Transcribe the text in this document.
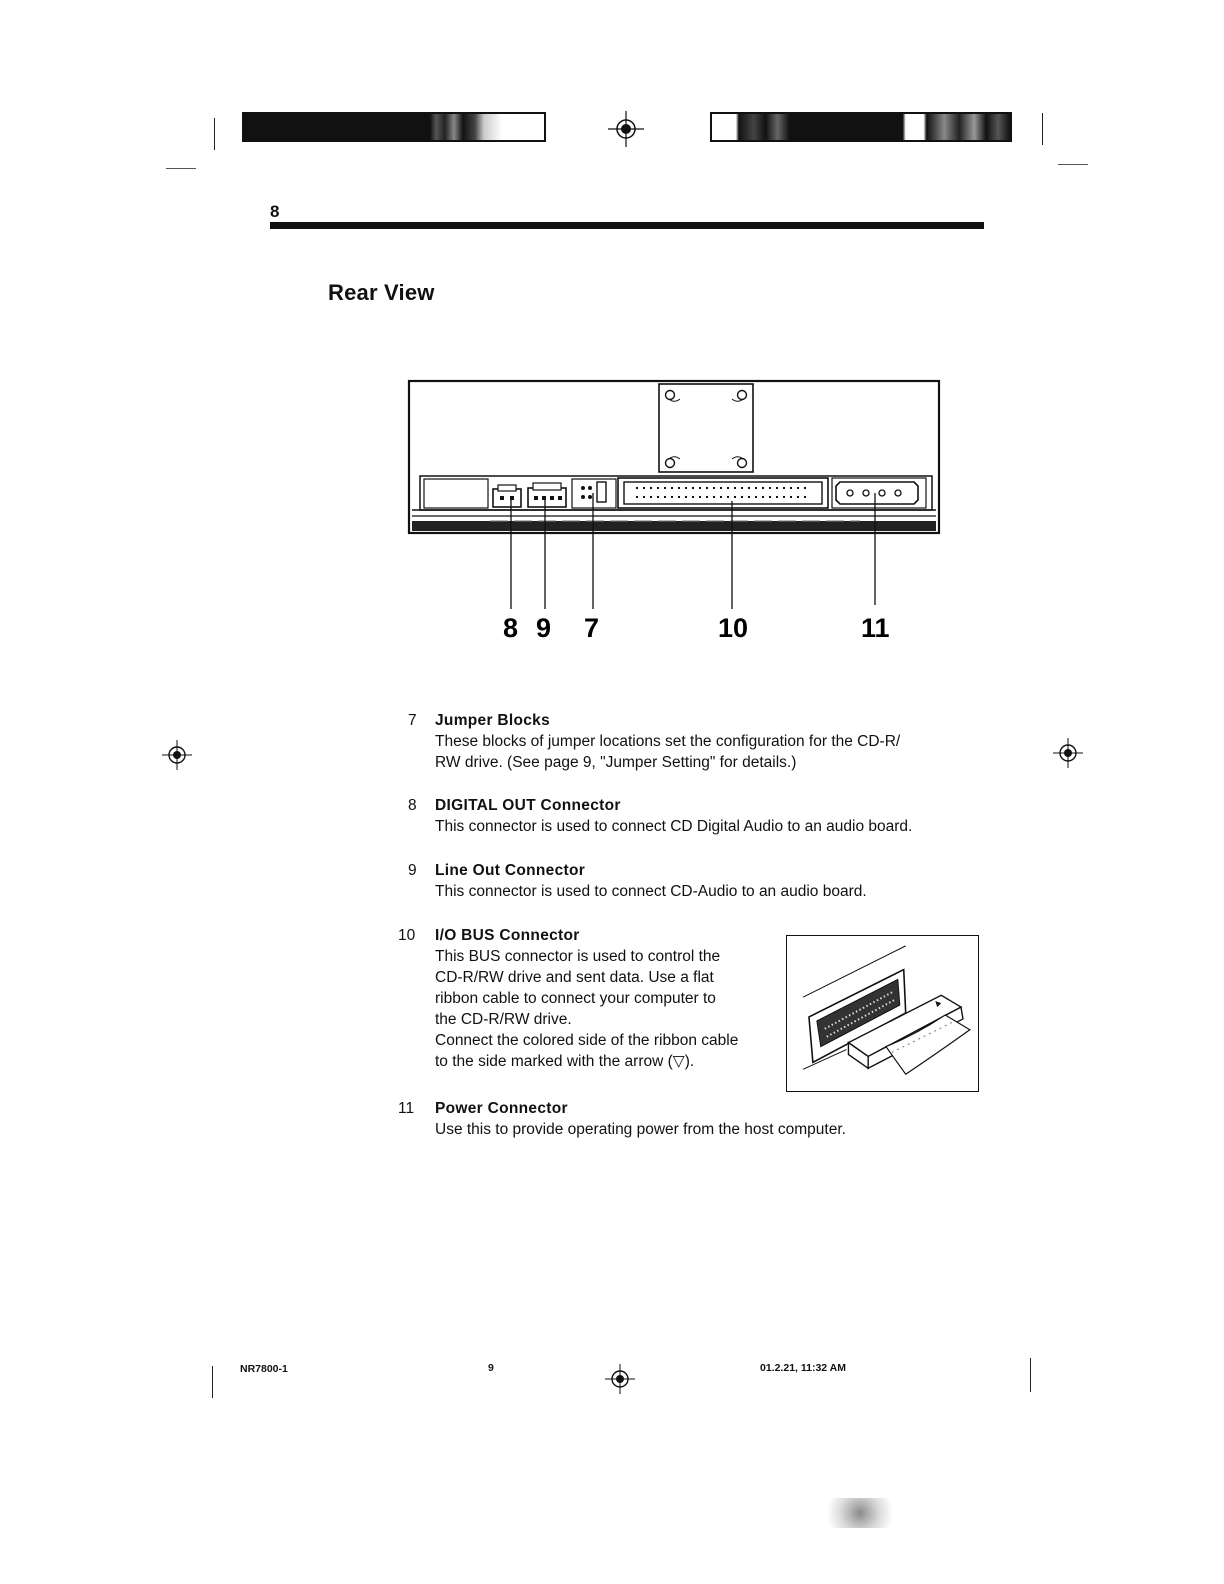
8
Rear View
8 9 7	10	11
7	Jumper Blocks
These blocks of jumper locations set the configuration for the CD-R/
RW drive. (See page 9, "Jumper Setting" for details.)
8	DIGITAL OUT Connector
This connector is used to connect CD Digital Audio to an audio board.
9	Line Out Connector
This connector is used to connect CD-Audio to an audio board.
10	I/O BUS Connector
This BUS connector is used to control the
CD-R/RW drive and sent data. Use a flat
ribbon cable to connect your computer to
the CD-R/RW drive.
Connect the colored side of the ribbon cable
to the side marked with the arrow (▽).
11	Power Connector
Use this to provide operating power from the host computer.
NR7800-1	9	01.2.21, 11:32 AM
